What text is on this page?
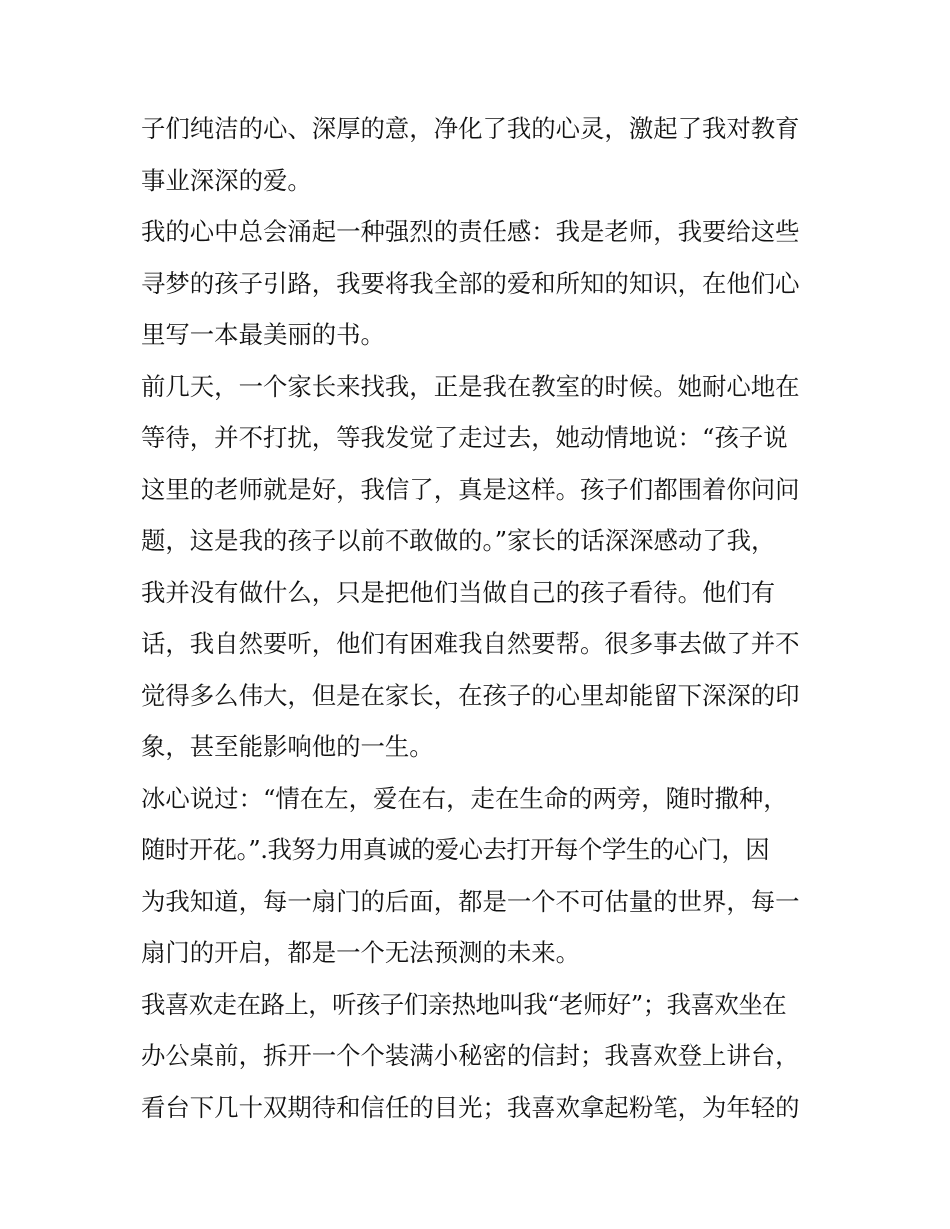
子们纯洁的心、深厚的意，净化了我的心灵，激起了我对教育
事业深深的爱。
我的心中总会涌起一种强烈的责任感：我是老师，我要给这些
寻梦的孩子引路，我要将我全部的爱和所知的知识，在他们心
里写一本最美丽的书。
前几天，一个家长来找我，正是我在教室的时候。她耐心地在
等待，并不打扰，等我发觉了走过去，她动情地说：“孩子说
这里的老师就是好，我信了，真是这样。孩子们都围着你问问
题，这是我的孩子以前不敢做的。”家长的话深深感动了我，
我并没有做什么，只是把他们当做自己的孩子看待。他们有
话，我自然要听，他们有困难我自然要帮。很多事去做了并不
觉得多么伟大，但是在家长，在孩子的心里却能留下深深的印
象，甚至能影响他的一生。
冰心说过：“情在左，爱在右，走在生命的两旁，随时撒种，
随时开花。”.我努力用真诚的爱心去打开每个学生的心门，因
为我知道，每一扇门的后面，都是一个不可估量的世界，每一
扇门的开启，都是一个无法预测的未来。
我喜欢走在路上，听孩子们亲热地叫我“老师好”；我喜欢坐在
办公桌前，拆开一个个装满小秘密的信封；我喜欢登上讲台，
看台下几十双期待和信任的目光；我喜欢拿起粉笔，为年轻的
